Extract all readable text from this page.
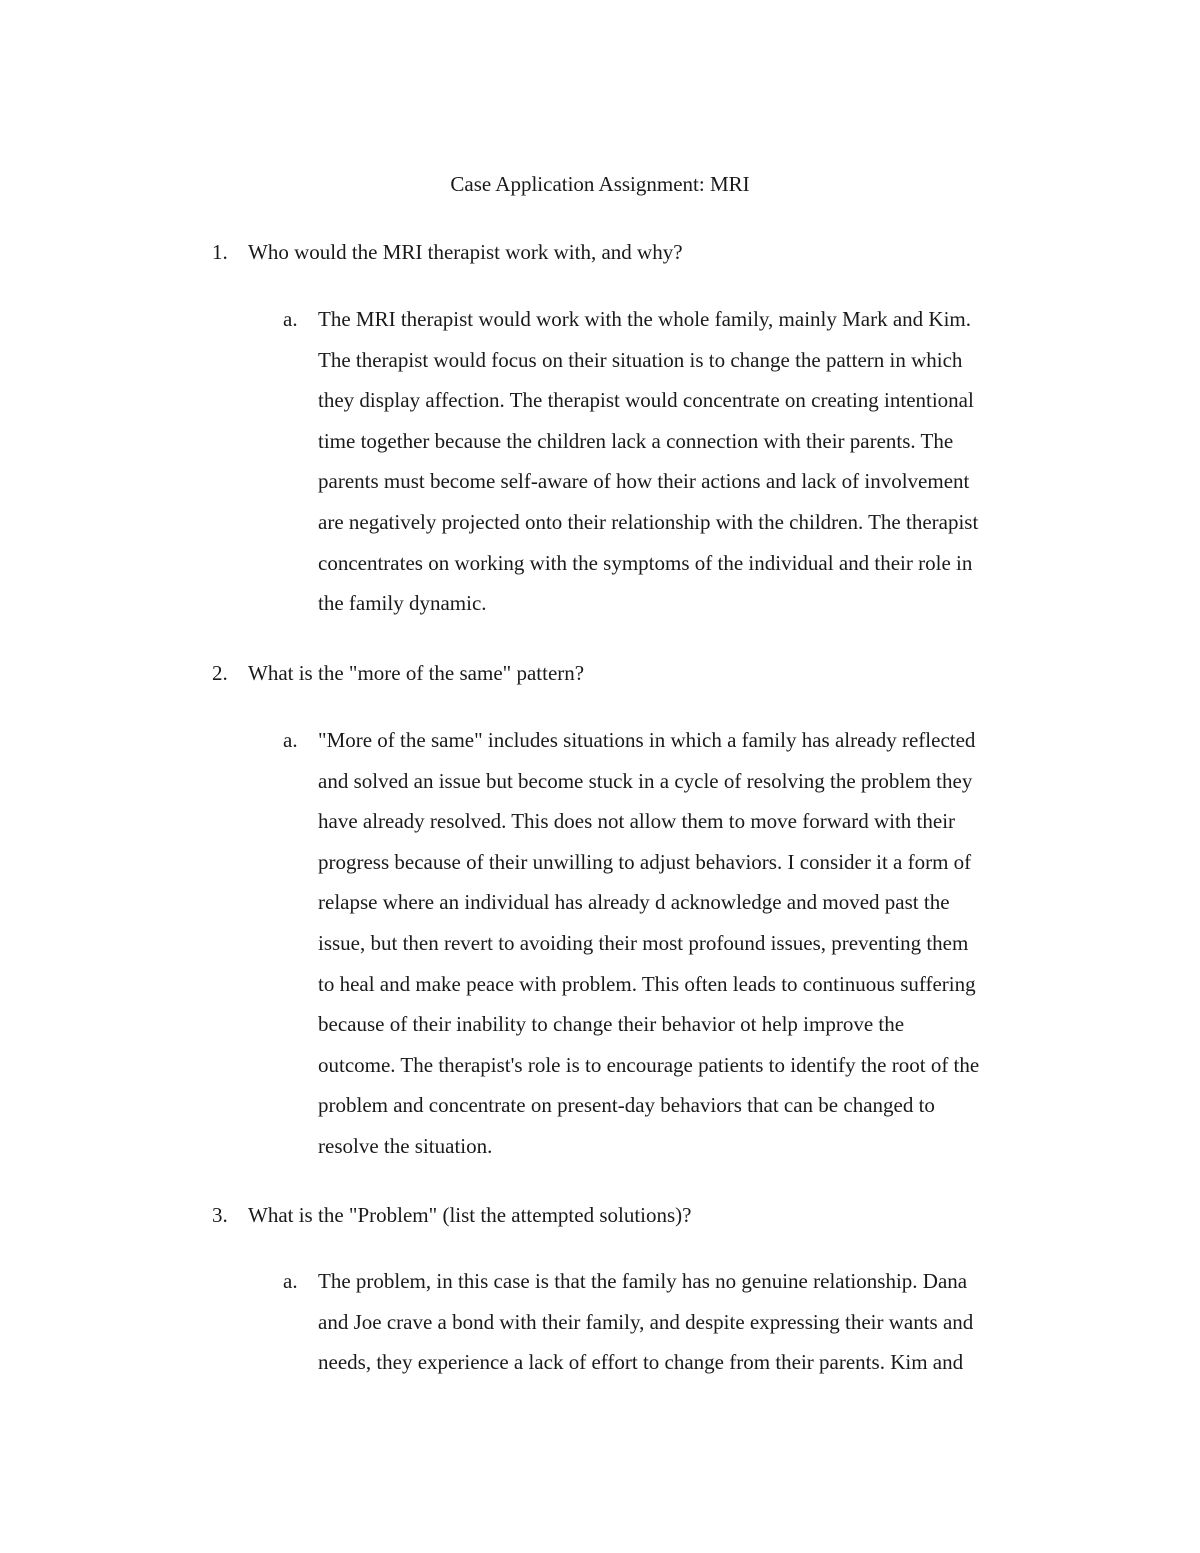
Case Application Assignment: MRI
1. Who would the MRI therapist work with, and why?
a. The MRI therapist would work with the whole family, mainly Mark and Kim.
The therapist would focus on their situation is to change the pattern in which
they display affection. The therapist would concentrate on creating intentional
time together because the children lack a connection with their parents. The
parents must become self-aware of how their actions and lack of involvement
are negatively projected onto their relationship with the children. The therapist
concentrates on working with the symptoms of the individual and their role in
the family dynamic.
2. What is the "more of the same" pattern?
a. "More of the same" includes situations in which a family has already reflected
and solved an issue but become stuck in a cycle of resolving the problem they
have already resolved. This does not allow them to move forward with their
progress because of their unwilling to adjust behaviors. I consider it a form of
relapse where an individual has already d acknowledge and moved past the
issue, but then revert to avoiding their most profound issues, preventing them
to heal and make peace with problem. This often leads to continuous suffering
because of their inability to change their behavior ot help improve the
outcome. The therapist's role is to encourage patients to identify the root of the
problem and concentrate on present-day behaviors that can be changed to
resolve the situation.
3. What is the "Problem" (list the attempted solutions)?
a. The problem, in this case is that the family has no genuine relationship. Dana
and Joe crave a bond with their family, and despite expressing their wants and
needs, they experience a lack of effort to change from their parents. Kim and
